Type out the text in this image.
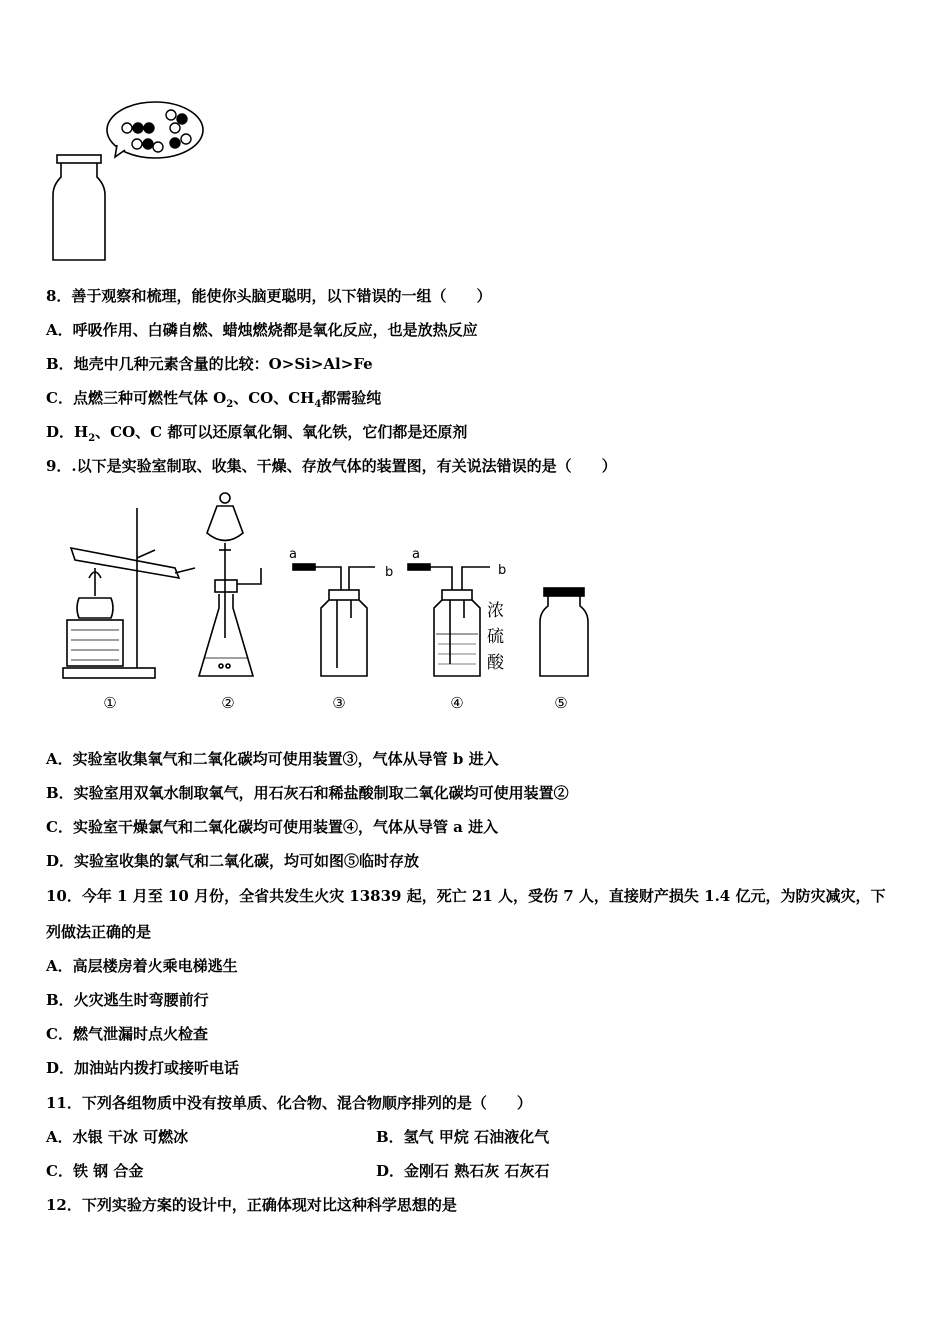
8．善于观察和梳理，能使你头脑更聪明，以下错误的一组（　　）
A．呼吸作用、白磷自燃、蜡烛燃烧都是氧化反应，也是放热反应
B．地壳中几种元素含量的比较：O>Si>Al>Fe
C．点燃三种可燃性气体 $O_2$、CO、$CH_4$都需验纯
D．$H_2$、CO、C 都可以还原氧化铜、氧化铁，它们都是还原剂
9．.以下是实验室制取、收集、干燥、存放气体的装置图，有关说法错误的是（　　）
a
b
a
b
浓
硫
酸
①	②	③	④	⑤
A．实验室收集氧气和二氧化碳均可使用装置③，气体从导管 b 进入
B．实验室用双氧水制取氧气，用石灰石和稀盐酸制取二氧化碳均可使用装置②
C．实验室干燥氯气和二氧化碳均可使用装置④，气体从导管 a 进入
D．实验室收集的氯气和二氧化碳，均可如图⑤临时存放
10．今年 1 月至 10 月份，全省共发生火灾 13839 起，死亡 21 人，受伤 7 人，直接财产损失 1.4 亿元，为防灾减灾，下
列做法正确的是
A．高层楼房着火乘电梯逃生
B．火灾逃生时弯腰前行
C．燃气泄漏时点火检查
D．加油站内拨打或接听电话
11．下列各组物质中没有按单质、化合物、混合物顺序排列的是（　　）
A．水银 干冰 可燃冰	B．氢气 甲烷 石油液化气
C．铁 钢 合金	D．金刚石 熟石灰 石灰石
12．下列实验方案的设计中，正确体现对比这种科学思想的是
